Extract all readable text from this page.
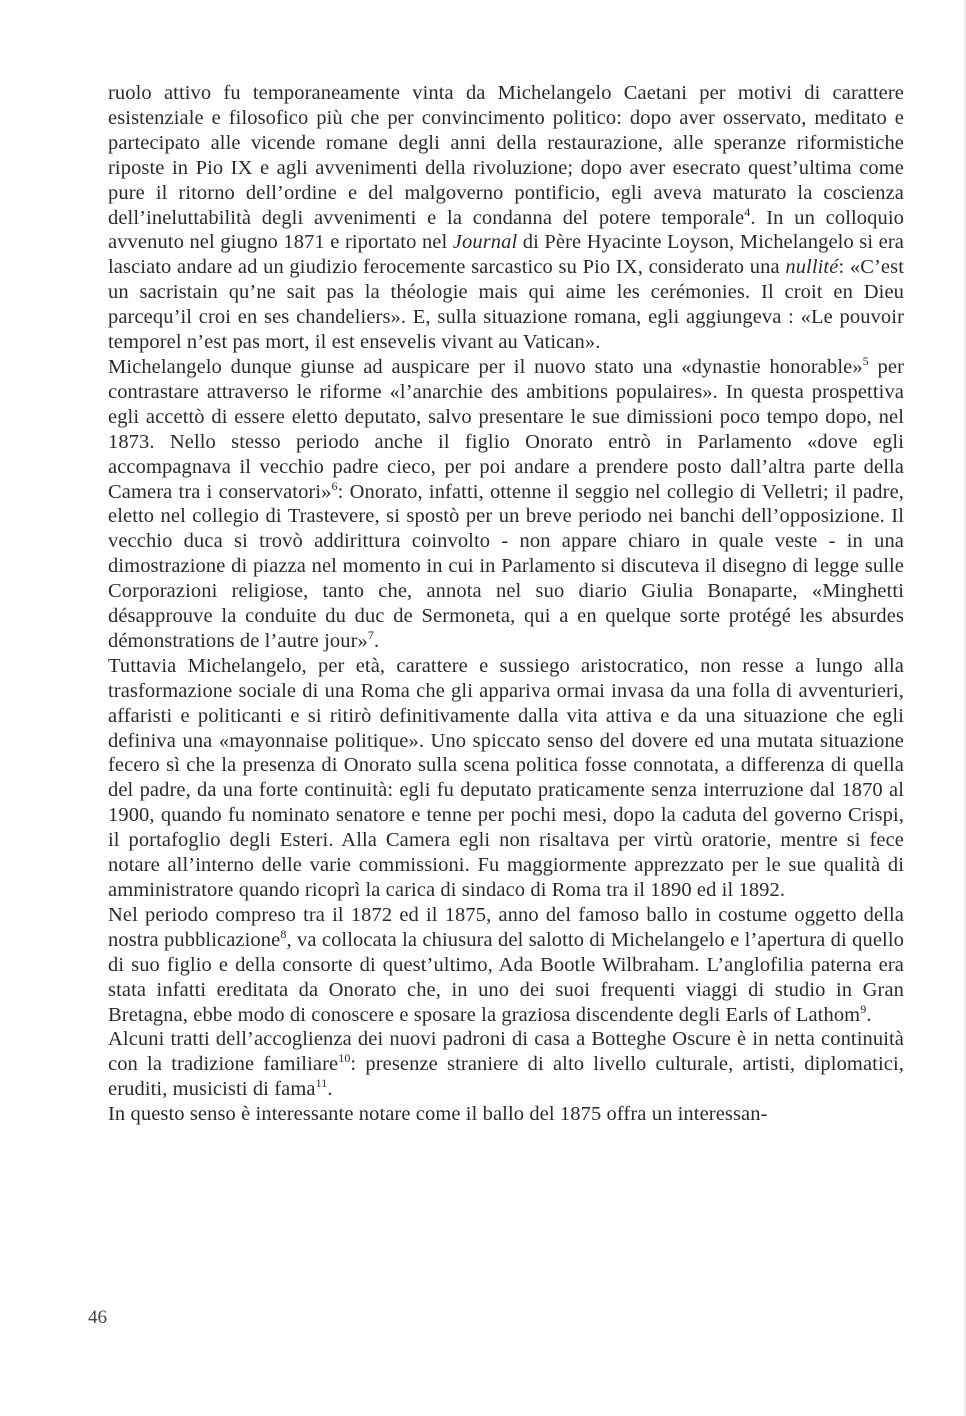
ruolo attivo fu temporaneamente vinta da Michelangelo Caetani per motivi di carattere esistenziale e filosofico più che per convincimento politico: dopo aver osservato, meditato e partecipato alle vicende romane degli anni della restaurazione, alle speranze riformistiche riposte in Pio IX e agli avvenimenti della rivoluzione; dopo aver esecrato quest’ultima come pure il ritorno dell’ordine e del malgoverno pontificio, egli aveva maturato la coscienza dell’ineluttabilità degli avvenimenti e la condanna del potere temporale$^4$. In un colloquio avvenuto nel giugno 1871 e riportato nel Journal di Père Hyacinte Loyson, Michelangelo si era lasciato andare ad un giudizio ferocemente sarcastico su Pio IX, considerato una nullité: «C’est un sacristain qu’ne sait pas la théologie mais qui aime les cerémonies. Il croit en Dieu parcequ’il croi en ses chandeliers». E, sulla situazione romana, egli aggiungeva : «Le pouvoir temporel n’est pas mort, il est ensevelis vivant au Vatican».

Michelangelo dunque giunse ad auspicare per il nuovo stato una «dynastie honorable»$^5$ per contrastare attraverso le riforme «l’anarchie des ambitions populaires». In questa prospettiva egli accettò di essere eletto deputato, salvo presentare le sue dimissioni poco tempo dopo, nel 1873. Nello stesso periodo anche il figlio Onorato entrò in Parlamento «dove egli accompagnava il vecchio padre cieco, per poi andare a prendere posto dall’altra parte della Camera tra i conservatori»$^6$: Onorato, infatti, ottenne il seggio nel collegio di Velletri; il padre, eletto nel collegio di Trastevere, si spostò per un breve periodo nei banchi dell’opposizione. Il vecchio duca si trovò addirittura coinvolto - non appare chiaro in quale veste - in una dimostrazione di piazza nel momento in cui in Parlamento si discuteva il disegno di legge sulle Corporazioni religiose, tanto che, annota nel suo diario Giulia Bonaparte, «Minghetti désapprouve la conduite du duc de Sermoneta, qui a en quelque sorte protégé les absurdes démonstrations de l’autre jour»$^7$.

Tuttavia Michelangelo, per età, carattere e sussiego aristocratico, non resse a lungo alla trasformazione sociale di una Roma che gli appariva ormai invasa da una folla di avventurieri, affaristi e politicanti e si ritirò definitivamente dalla vita attiva e da una situazione che egli definiva una «mayonnaise politique». Uno spiccato senso del dovere ed una mutata situazione fecero sì che la presenza di Onorato sulla scena politica fosse connotata, a differenza di quella del padre, da una forte continuità: egli fu deputato praticamente senza interruzione dal 1870 al 1900, quando fu nominato senatore e tenne per pochi mesi, dopo la caduta del governo Crispi, il portafoglio degli Esteri. Alla Camera egli non risaltava per virtù oratorie, mentre si fece notare all’interno delle varie commissioni. Fu maggiormente apprezzato per le sue qualità di amministratore quando ricoprì la carica di sindaco di Roma tra il 1890 ed il 1892.

Nel periodo compreso tra il 1872 ed il 1875, anno del famoso ballo in costume oggetto della nostra pubblicazione$^8$, va collocata la chiusura del salotto di Michelangelo e l’apertura di quello di suo figlio e della consorte di quest’ultimo, Ada Bootle Wilbraham. L’anglofilia paterna era stata infatti ereditata da Onorato che, in uno dei suoi frequenti viaggi di studio in Gran Bretagna, ebbe modo di conoscere e sposare la graziosa discendente degli Earls of Lathom$^9$.

Alcuni tratti dell’accoglienza dei nuovi padroni di casa a Botteghe Oscure è in netta continuità con la tradizione familiare$^{10}$: presenze straniere di alto livello culturale, artisti, diplomatici, eruditi, musicisti di fama$^{11}$.

In questo senso è interessante notare come il ballo del 1875 offra un interessan-

46
